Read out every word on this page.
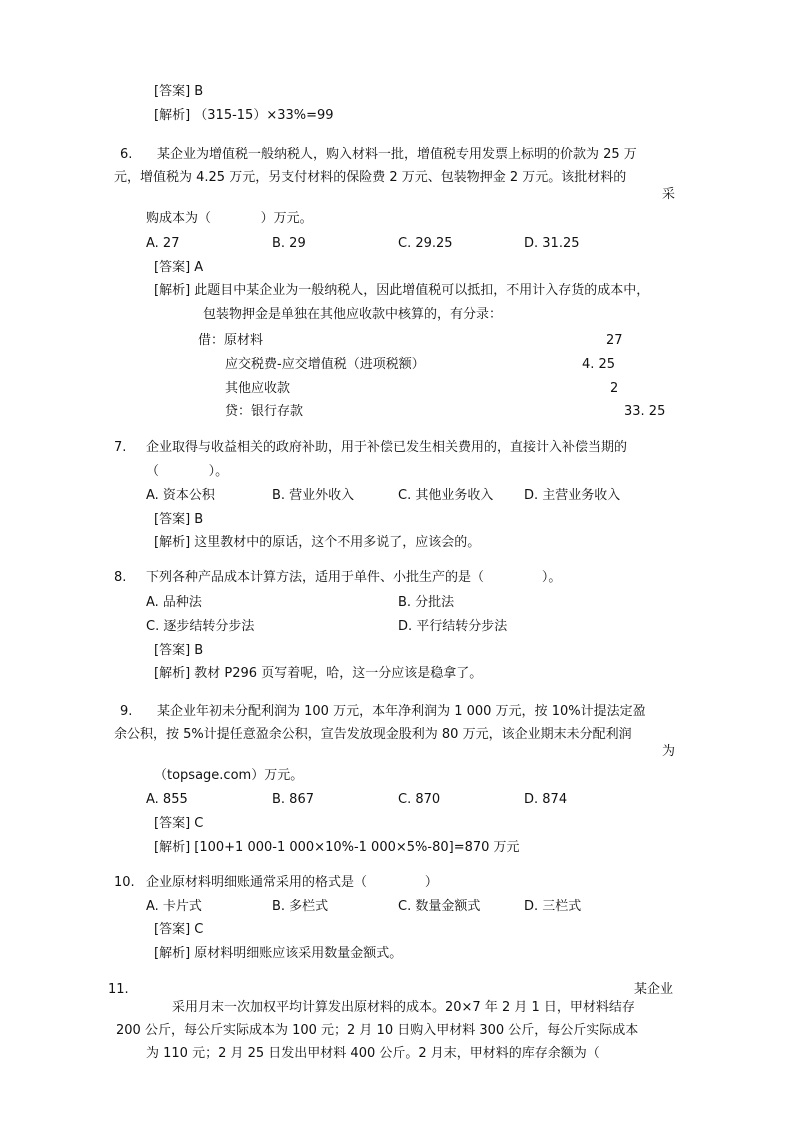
[答案] B
[解析] （315-15）×33%=99
6. 某企业为增值税一般纳税人，购入材料一批，增值税专用发票上标明的价款为 25 万
元，增值税为 4.25 万元，另支付材料的保险费 2 万元、包装物押金 2 万元。该批材料的
采
购成本为（            ）万元。
A. 27	B. 29	C. 29.25	D. 31.25
[答案] A
[解析] 此题目中某企业为一般纳税人，因此增值税可以抵扣，不用计入存货的成本中，
包装物押金是单独在其他应收款中核算的，有分录：
借：原材料	27
应交税费-应交增值税（进项税额）	4. 25
其他应收款	2
贷：银行存款	33. 25
7. 企业取得与收益相关的政府补助，用于补偿已发生相关费用的，直接计入补偿当期的
（            ）。
A. 资本公积	B. 营业外收入	C. 其他业务收入 D. 主营业务收入
[答案] B
[解析] 这里教材中的原话，这个不用多说了，应该会的。
8. 下列各种产品成本计算方法，适用于单件、小批生产的是（              ）。
A. 品种法	B. 分批法
C. 逐步结转分步法	D. 平行结转分步法
[答案] B
[解析] 教材 P296 页写着呢，哈，这一分应该是稳拿了。
9. 某企业年初未分配利润为 100 万元，本年净利润为 1 000 万元，按 10%计提法定盈
余公积，按 5%计提任意盈余公积，宣告发放现金股利为 80 万元，该企业期末未分配利润
为
（topsage.com）万元。
A. 855	B. 867	C. 870	D. 874
[答案] C
[解析] [100+1 000-1 000×10%-1 000×5%-80]=870 万元
10. 企业原材料明细账通常采用的格式是（              ）
A. 卡片式	B. 多栏式	C. 数量金额式	D. 三栏式
[答案] C
[解析] 原材料明细账应该采用数量金额式。
11.	某企业
采用月末一次加权平均计算发出原材料的成本。20×7 年 2 月 1 日，甲材料结存
200 公斤，每公斤实际成本为 100 元；2 月 10 日购入甲材料 300 公斤，每公斤实际成本
为 110 元；2 月 25 日发出甲材料 400 公斤。2 月末，甲材料的库存余额为（
